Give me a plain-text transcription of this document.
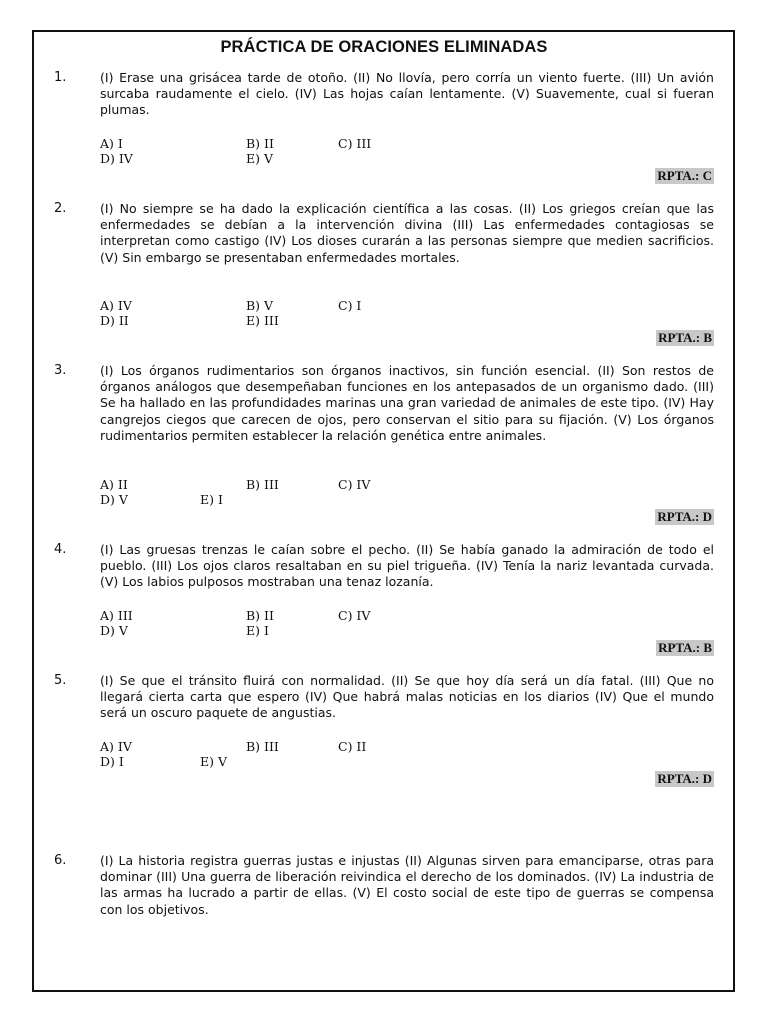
PRÁCTICA DE ORACIONES ELIMINADAS
1.	(I) Erase una grisácea tarde de otoño. (II) No llovía, pero corría un viento fuerte. (III) Un avión surcaba raudamente el cielo. (IV) Las hojas caían lentamente. (V) Suavemente, cual si fueran plumas.
A) I	B) II	C) III
D) IV	E) V
RPTA.: C
2.	(I) No siempre se ha dado la explicación científica a las cosas. (II) Los griegos creían que las enfermedades se debían a la intervención divina (III) Las enfermedades contagiosas se interpretan como castigo (IV) Los dioses curarán a las personas siempre que medien sacrificios. (V) Sin embargo se presentaban enfermedades mortales.
A) IV	B) V	C) I
D) II	E) III
RPTA.: B
3.	(I) Los órganos rudimentarios son órganos inactivos, sin función esencial. (II) Son restos de órganos análogos que desempeñaban funciones en los antepasados de un organismo dado. (III) Se ha hallado en las profundidades marinas una gran variedad de animales de este tipo. (IV) Hay cangrejos ciegos que carecen de ojos, pero conservan el sitio para su fijación. (V) Los órganos rudimentarios permiten establecer la relación genética entre animales.
A) II	B) III	C) IV
D) V	E) I
RPTA.: D
4.	(I) Las gruesas trenzas le caían sobre el pecho. (II) Se había ganado la admiración de todo el pueblo. (III) Los ojos claros resaltaban en su piel trigueña. (IV) Tenía la nariz levantada curvada. (V) Los labios pulposos mostraban una tenaz lozanía.
A) III	B) II	C) IV
D) V	E) I
RPTA.: B
5.	(I) Se que el tránsito fluirá con normalidad. (II) Se que hoy día será un día fatal. (III) Que no llegará cierta carta que espero (IV) Que habrá malas noticias en los diarios (IV) Que el mundo será un oscuro paquete de angustias.
A) IV	B) III	C) II
D) I	E) V
RPTA.: D
6.	(I) La historia registra guerras justas e injustas (II) Algunas sirven para emanciparse, otras para dominar (III) Una guerra de liberación reivindica el derecho de los dominados. (IV) La industria de las armas ha lucrado a partir de ellas. (V) El costo social de este tipo de guerras se compensa con los objetivos.
